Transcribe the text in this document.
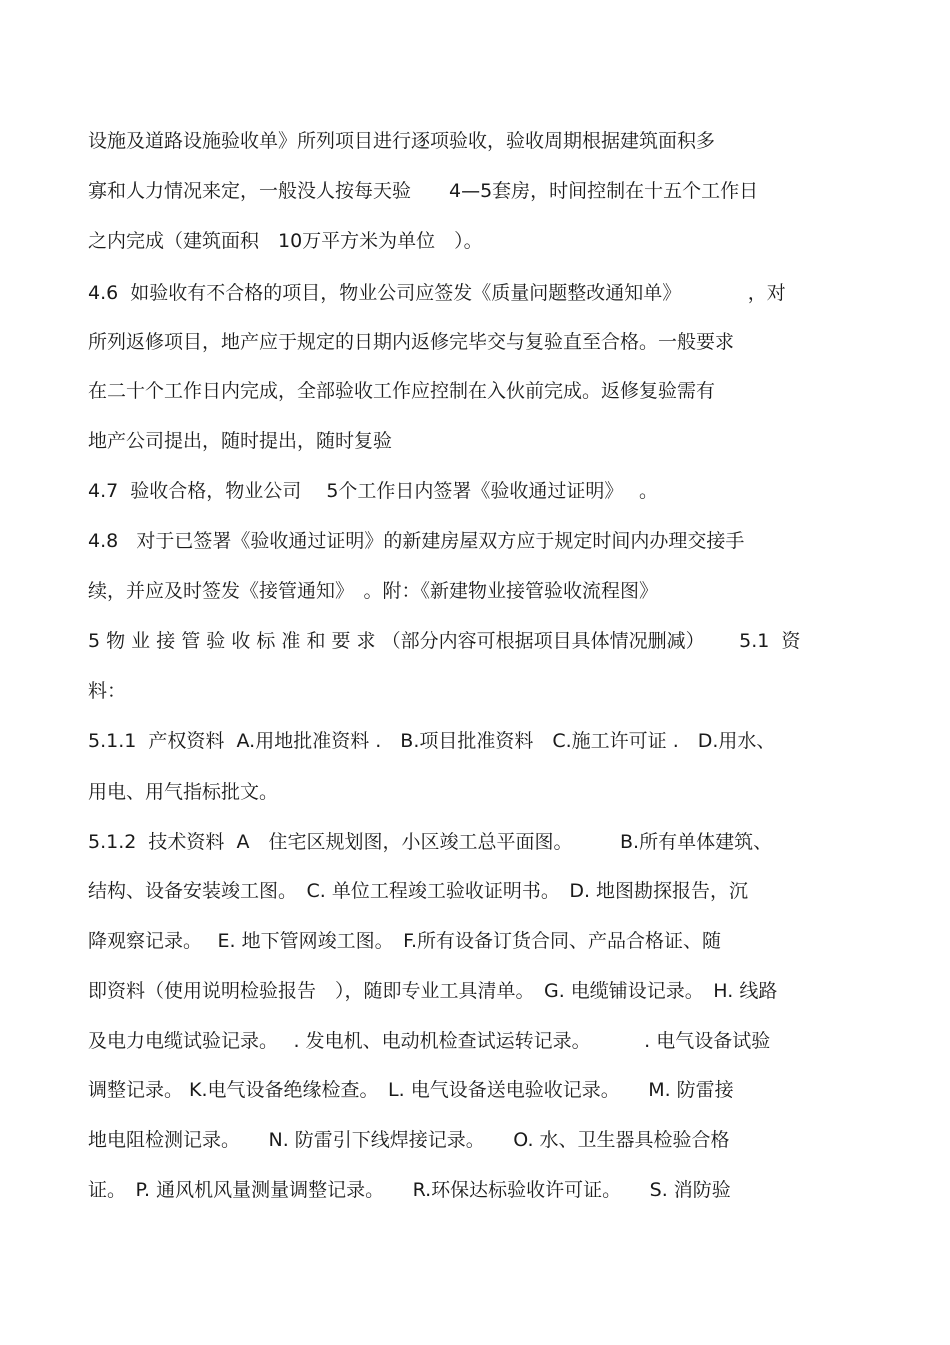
设施及道路设施验收单》所列项目进行逐项验收，验收周期根据建筑面积多

寡和人力情况来定，一般没人按每天验　　4—5套房，时间控制在十五个工作日

之内完成（建筑面积　10万平方米为单位　）。

4.6  如验收有不合格的项目，物业公司应签发《质量问题整改通知单》　　　　，对

所列返修项目，地产应于规定的日期内返修完毕交与复验直至合格。一般要求

在二十个工作日内完成，全部验收工作应控制在入伙前完成。返修复验需有

地产公司提出，随时提出，随时复验

4.7  验收合格，物业公司　 5个工作日内签署《验收通过证明》　 。

4.8   对于已签署《验收通过证明》的新建房屋双方应于规定时间内办理交接手

续，并应及时签发《接管通知》　。附：《新建物业接管验收流程图》

5 物 业 接 管 验 收 标 准 和 要 求 （部分内容可根据项目具体情况删减）　　 5.1  资

料：

5.1.1  产权资料  A.用地批准资料 .　B.项目批准资料　C.施工许可证 .　D.用水、

用电、用气指标批文。

5.1.2  技术资料  A　住宅区规划图，小区竣工总平面图。　　　B.所有单体建筑、

结构、设备安装竣工图。　C. 单位工程竣工验收证明书。　D. 地图勘探报告，沉

降观察记录。　 E. 地下管网竣工图。　F.所有设备订货合同、产品合格证、随

即资料（使用说明检验报告　），随即专业工具清单。　G. 电缆铺设记录。　H. 线路

及电力电缆试验记录。　 . 发电机、电动机检查试运转记录。　　　 . 电气设备试验

调整记录。 K.电气设备绝缘检查。　L. 电气设备送电验收记录。　　M. 防雷接

地电阻检测记录。　　N. 防雷引下线焊接记录。　　O. 水、卫生器具检验合格

证。　P. 通风机风量测量调整记录。　　R.环保达标验收许可证。　　S. 消防验
